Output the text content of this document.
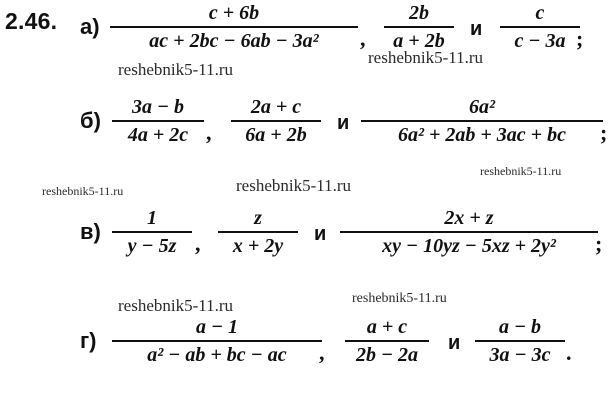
2.46. а)
c + 6b
ac + 2bc − 6ab − 3a²	,
2b
a + 2b
и
c
c − 3a ;
б)
3a − b
4a + 2c ,
2a + c
6a + 2b
и
6a²
6a² + 2ab + 3ac + bc	;
в)
1
y − 5z ,
z
x + 2y
и
2x + z
xy − 10yz − 5xz + 2y²	;
г)
a − 1
a² − ab + bc − ac	,
a + c
2b − 2a
и
a − b
3a − 3c .
reshebnik5-11.ru
reshebnik5-11.ru
reshebnik5-11.ru	reshebnik5-11.ru
reshebnik5-11.ru
reshebnik5-11.ru	reshebnik5-11.ru
